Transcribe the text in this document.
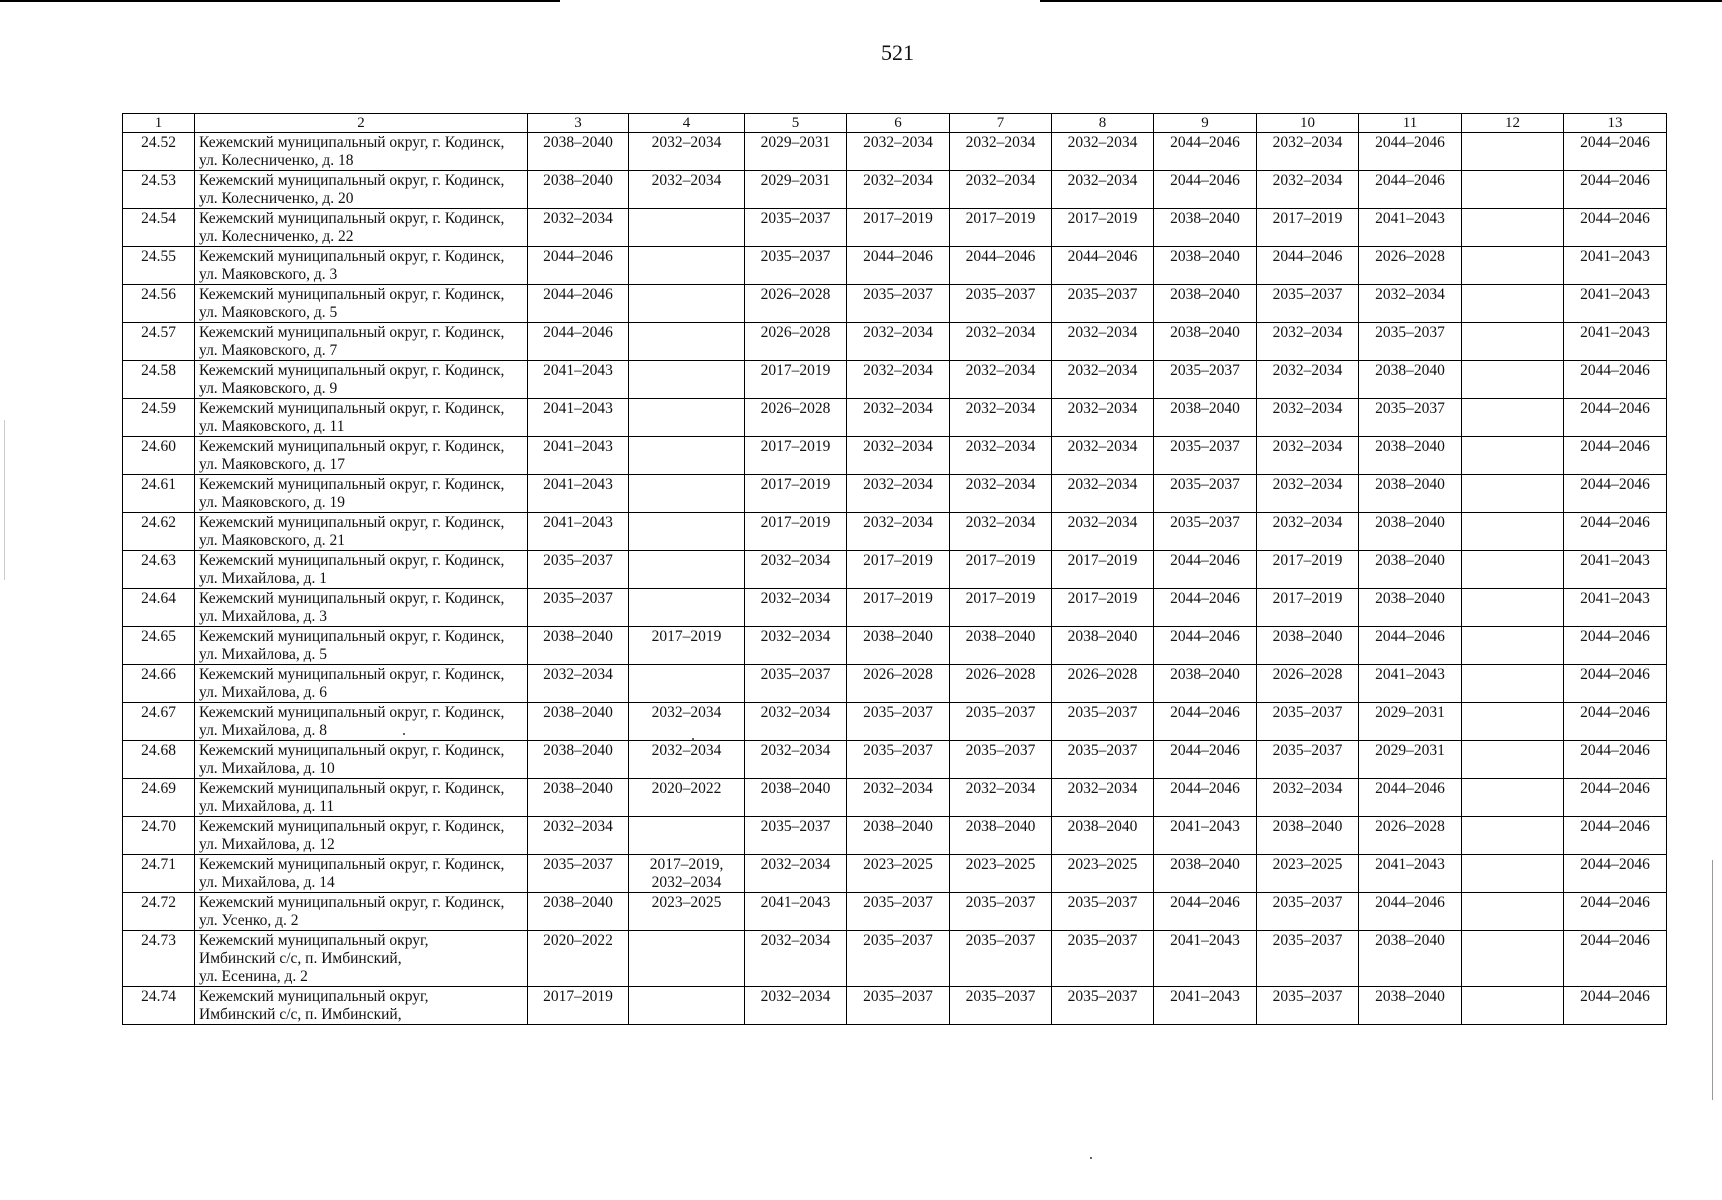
521
1	2	3	4	5	6	7	8	9	10	11	12	13
24.52	Кежемский муниципальный округ, г. Кодинск,
ул. Колесниченко, д. 18	2038–2040	2032–2034	2029–2031	2032–2034	2032–2034	2032–2034	2044–2046	2032–2034	2044–2046		2044–2046
24.53	Кежемский муниципальный округ, г. Кодинск,
ул. Колесниченко, д. 20	2038–2040	2032–2034	2029–2031	2032–2034	2032–2034	2032–2034	2044–2046	2032–2034	2044–2046		2044–2046
24.54	Кежемский муниципальный округ, г. Кодинск,
ул. Колесниченко, д. 22	2032–2034		2035–2037	2017–2019	2017–2019	2017–2019	2038–2040	2017–2019	2041–2043		2044–2046
24.55	Кежемский муниципальный округ, г. Кодинск,
ул. Маяковского, д. 3	2044–2046		2035–2037	2044–2046	2044–2046	2044–2046	2038–2040	2044–2046	2026–2028		2041–2043
24.56	Кежемский муниципальный округ, г. Кодинск,
ул. Маяковского, д. 5	2044–2046		2026–2028	2035–2037	2035–2037	2035–2037	2038–2040	2035–2037	2032–2034		2041–2043
24.57	Кежемский муниципальный округ, г. Кодинск,
ул. Маяковского, д. 7	2044–2046		2026–2028	2032–2034	2032–2034	2032–2034	2038–2040	2032–2034	2035–2037		2041–2043
24.58	Кежемский муниципальный округ, г. Кодинск,
ул. Маяковского, д. 9	2041–2043		2017–2019	2032–2034	2032–2034	2032–2034	2035–2037	2032–2034	2038–2040		2044–2046
24.59	Кежемский муниципальный округ, г. Кодинск,
ул. Маяковского, д. 11	2041–2043		2026–2028	2032–2034	2032–2034	2032–2034	2038–2040	2032–2034	2035–2037		2044–2046
24.60	Кежемский муниципальный округ, г. Кодинск,
ул. Маяковского, д. 17	2041–2043		2017–2019	2032–2034	2032–2034	2032–2034	2035–2037	2032–2034	2038–2040		2044–2046
24.61	Кежемский муниципальный округ, г. Кодинск,
ул. Маяковского, д. 19	2041–2043		2017–2019	2032–2034	2032–2034	2032–2034	2035–2037	2032–2034	2038–2040		2044–2046
24.62	Кежемский муниципальный округ, г. Кодинск,
ул. Маяковского, д. 21	2041–2043		2017–2019	2032–2034	2032–2034	2032–2034	2035–2037	2032–2034	2038–2040		2044–2046
24.63	Кежемский муниципальный округ, г. Кодинск,
ул. Михайлова, д. 1	2035–2037		2032–2034	2017–2019	2017–2019	2017–2019	2044–2046	2017–2019	2038–2040		2041–2043
24.64	Кежемский муниципальный округ, г. Кодинск,
ул. Михайлова, д. 3	2035–2037		2032–2034	2017–2019	2017–2019	2017–2019	2044–2046	2017–2019	2038–2040		2041–2043
24.65	Кежемский муниципальный округ, г. Кодинск,
ул. Михайлова, д. 5	2038–2040	2017–2019	2032–2034	2038–2040	2038–2040	2038–2040	2044–2046	2038–2040	2044–2046		2044–2046
24.66	Кежемский муниципальный округ, г. Кодинск,
ул. Михайлова, д. 6	2032–2034		2035–2037	2026–2028	2026–2028	2026–2028	2038–2040	2026–2028	2041–2043		2044–2046
24.67	Кежемский муниципальный округ, г. Кодинск,
ул. Михайлова, д. 8	2038–2040	2032–2034	2032–2034	2035–2037	2035–2037	2035–2037	2044–2046	2035–2037	2029–2031		2044–2046
24.68	Кежемский муниципальный округ, г. Кодинск,
ул. Михайлова, д. 10	2038–2040	2032–2034	2032–2034	2035–2037	2035–2037	2035–2037	2044–2046	2035–2037	2029–2031		2044–2046
24.69	Кежемский муниципальный округ, г. Кодинск,
ул. Михайлова, д. 11	2038–2040	2020–2022	2038–2040	2032–2034	2032–2034	2032–2034	2044–2046	2032–2034	2044–2046		2044–2046
24.70	Кежемский муниципальный округ, г. Кодинск,
ул. Михайлова, д. 12	2032–2034		2035–2037	2038–2040	2038–2040	2038–2040	2041–2043	2038–2040	2026–2028		2044–2046
24.71	Кежемский муниципальный округ, г. Кодинск,
ул. Михайлова, д. 14	2035–2037	2017–2019,
2032–2034	2032–2034	2023–2025	2023–2025	2023–2025	2038–2040	2023–2025	2041–2043		2044–2046
24.72	Кежемский муниципальный округ, г. Кодинск,
ул. Усенко, д. 2	2038–2040	2023–2025	2041–2043	2035–2037	2035–2037	2035–2037	2044–2046	2035–2037	2044–2046		2044–2046
24.73	Кежемский муниципальный округ,
Имбинский с/с, п. Имбинский,
ул. Есенина, д. 2	2020–2022		2032–2034	2035–2037	2035–2037	2035–2037	2041–2043	2035–2037	2038–2040		2044–2046
24.74	Кежемский муниципальный округ,
Имбинский с/с, п. Имбинский,	2017–2019		2032–2034	2035–2037	2035–2037	2035–2037	2041–2043	2035–2037	2038–2040		2044–2046
